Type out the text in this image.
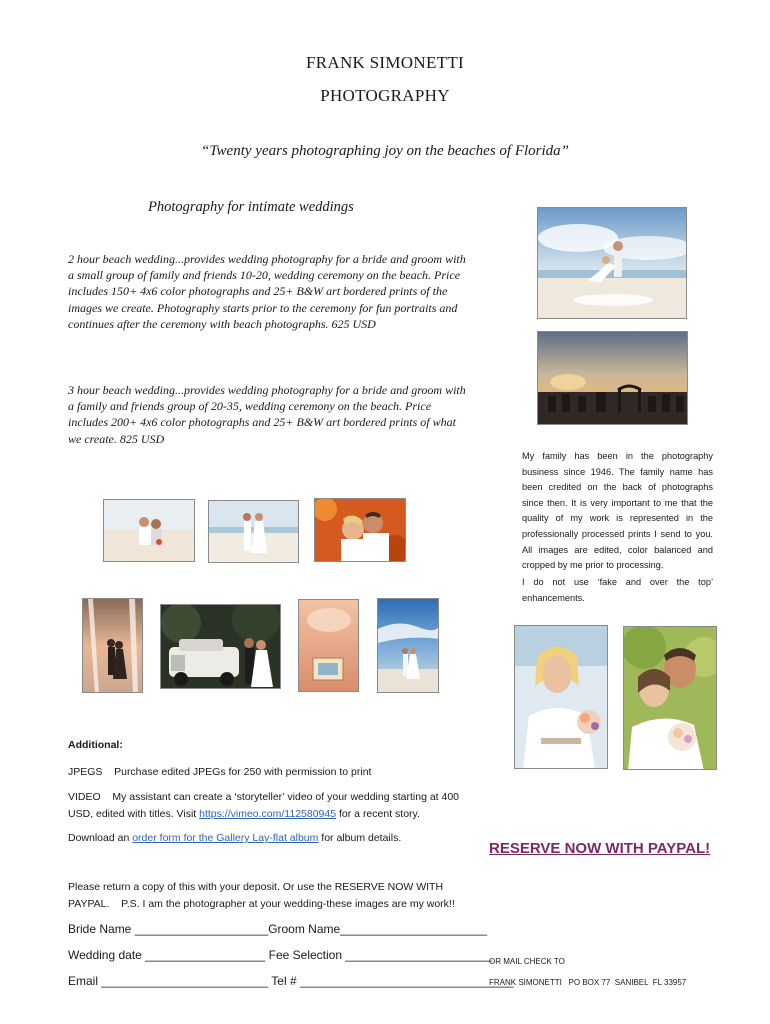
FRANK SIMONETTI
PHOTOGRAPHY
“Twenty years photographing joy on the beaches of Florida”
Photography for intimate weddings
2 hour beach wedding...provides wedding photography for a bride and groom with a small group of family and friends 10-20, wedding ceremony on the beach. Price includes 150+ 4x6 color photographs and 25+ B&W art bordered prints of the images we create. Photography starts prior to the ceremony for fun portraits and continues after the ceremony with beach photographs. 625 USD
3 hour beach wedding...provides wedding photography for a bride and groom with a family and friends group of 20-35, wedding ceremony on the beach. Price includes 200+ 4x6 color photographs and 25+ B&W art bordered prints of what we create. 825 USD
My family has been in the photography business since 1946. The family name has been credited on the back of photographs since then. It is very important to me that the quality of my work is represented in the professionally processed prints I send to you. All images are edited, color balanced and cropped by me prior to processing.
I do not use ‘fake and over the top’ enhancements.
Additional:
JPEGS    Purchase edited JPEGs for 250 with permission to print
VIDEO    My assistant can create a ‘storyteller’ video of your wedding starting at 400 USD, edited with titles. Visit https://vimeo.com/112580945 for a recent story.
Download an order form for the Gallery Lay-flat album for album details.
RESERVE NOW WITH PAYPAL!
Please return a copy of this with your deposit. Or use the RESERVE NOW WITH PAYPAL.    P.S. I am the photographer at your wedding-these images are my work!!
Bride Name ____________________Groom Name______________________
Wedding date __________________ Fee Selection ______________________
Email _________________________ Tel # ________________________________
OR MAIL CHECK TO
FRANK SIMONETTI   PO BOX 77  SANIBEL  FL 33957
